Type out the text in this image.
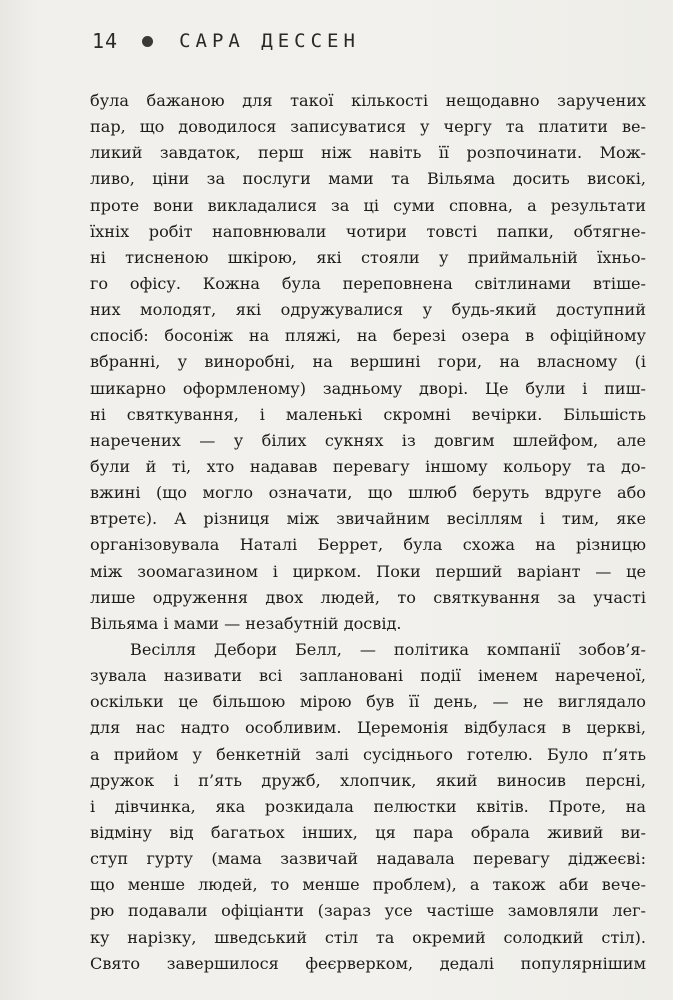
14	САРА ДЕССЕН
була бажаною для такої кількості нещодавно заручених
пар, що доводилося записуватися у чергу та платити ве-
ликий завдаток, перш ніж навіть її розпочинати. Мож-
ливо, ціни за послуги мами та Вільяма досить високі,
проте вони викладалися за ці суми сповна, а результати
їхніх робіт наповнювали чотири товсті папки, обтягне-
ні тисненою шкірою, які стояли у приймальній їхньо-
го офісу. Кожна була переповнена світлинами втіше-
них молодят, які одружувалися у будь-який доступний
спосіб: босоніж на пляжі, на березі озера в офіційному
вбранні, у виноробні, на вершині гори, на власному (і
шикарно оформленому) задньому дворі. Це були і пиш-
ні святкування, і маленькі скромні вечірки. Більшість
наречених — у білих сукнях із довгим шлейфом, але
були й ті, хто надавав перевагу іншому кольору та до-
вжині (що могло означати, що шлюб беруть вдруге або
втретє). А різниця між звичайним весіллям і тим, яке
організовувала Наталі Беррет, була схожа на різницю
між зоомагазином і цирком. Поки перший варіант — це
лише одруження двох людей, то святкування за участі
Вільяма і мами — незабутній досвід.
Весілля Дебори Белл, — політика компанії зобов’я-
зувала називати всі заплановані події іменем нареченої,
оскільки це більшою мірою був її день, — не виглядало
для нас надто особливим. Церемонія відбулася в церкві,
а прийом у бенкетній залі сусіднього готелю. Було п’ять
дружок і п’ять дружб, хлопчик, який виносив персні,
і дівчинка, яка розкидала пелюстки квітів. Проте, на
відміну від багатьох інших, ця пара обрала живий ви-
ступ гурту (мама зазвичай надавала перевагу діджеєві:
що менше людей, то менше проблем), а також аби вече-
рю подавали офіціанти (зараз усе частіше замовляли лег-
ку нарізку, шведський стіл та окремий солодкий стіл).
Свято завершилося феєрверком, дедалі популярнішим
